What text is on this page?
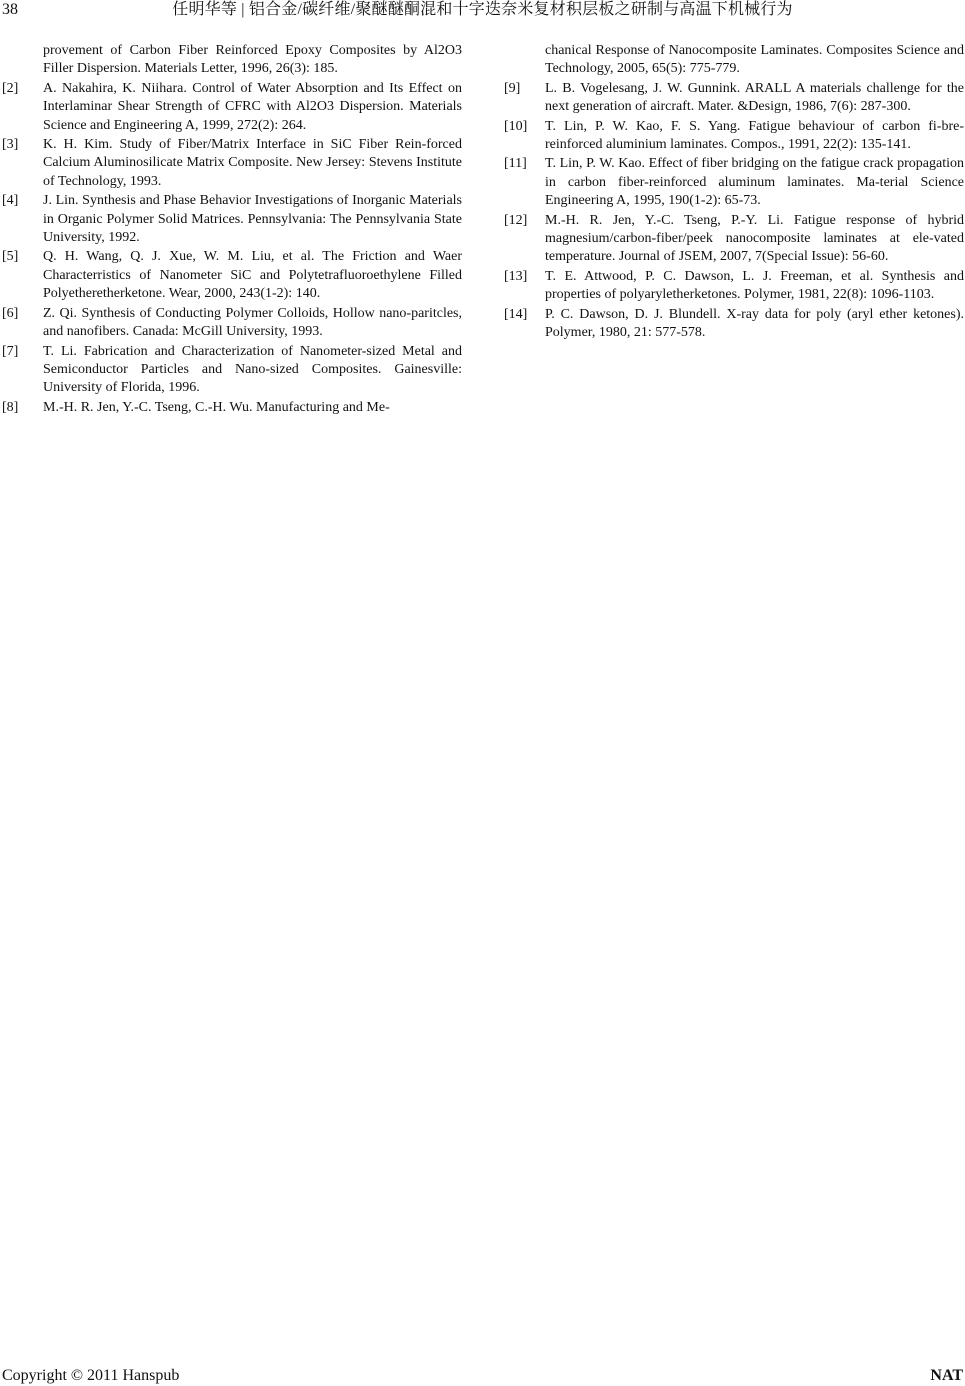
38	任明华等 | 铝合金/碳纤维/聚醚醚酮混和十字迭奈米复材积层板之研制与高温下机械行为
provement of Carbon Fiber Reinforced Epoxy Composites by Al2O3 Filler Dispersion. Materials Letter, 1996, 26(3): 185.
[2] A. Nakahira, K. Niihara. Control of Water Absorption and Its Effect on Interlaminar Shear Strength of CFRC with Al2O3 Dispersion. Materials Science and Engineering A, 1999, 272(2): 264.
[3] K. H. Kim. Study of Fiber/Matrix Interface in SiC Fiber Rein-forced Calcium Aluminosilicate Matrix Composite. New Jersey: Stevens Institute of Technology, 1993.
[4] J. Lin. Synthesis and Phase Behavior Investigations of Inorganic Materials in Organic Polymer Solid Matrices. Pennsylvania: The Pennsylvania State University, 1992.
[5] Q. H. Wang, Q. J. Xue, W. M. Liu, et al. The Friction and Waer Characterristics of Nanometer SiC and Polytetrafluoroethylene Filled Polyetheretherketone. Wear, 2000, 243(1-2): 140.
[6] Z. Qi. Synthesis of Conducting Polymer Colloids, Hollow nano-paritcles, and nanofibers. Canada: McGill University, 1993.
[7] T. Li. Fabrication and Characterization of Nanometer-sized Metal and Semiconductor Particles and Nano-sized Composites. Gainesville: University of Florida, 1996.
[8] M.-H. R. Jen, Y.-C. Tseng, C.-H. Wu. Manufacturing and Me-
chanical Response of Nanocomposite Laminates. Composites Science and Technology, 2005, 65(5): 775-779.
[9] L. B. Vogelesang, J. W. Gunnink. ARALL A materials challenge for the next generation of aircraft. Mater. &Design, 1986, 7(6): 287-300.
[10] T. Lin, P. W. Kao, F. S. Yang. Fatigue behaviour of carbon fi-bre-reinforced aluminium laminates. Compos., 1991, 22(2): 135-141.
[11] T. Lin, P. W. Kao. Effect of fiber bridging on the fatigue crack propagation in carbon fiber-reinforced aluminum laminates. Ma-terial Science Engineering A, 1995, 190(1-2): 65-73.
[12] M.-H. R. Jen, Y.-C. Tseng, P.-Y. Li. Fatigue response of hybrid magnesium/carbon-fiber/peek nanocomposite laminates at ele-vated temperature. Journal of JSEM, 2007, 7(Special Issue): 56-60.
[13] T. E. Attwood, P. C. Dawson, L. J. Freeman, et al. Synthesis and properties of polyaryletherketones. Polymer, 1981, 22(8): 1096-1103.
[14] P. C. Dawson, D. J. Blundell. X-ray data for poly (aryl ether ketones). Polymer, 1980, 21: 577-578.
Copyright © 2011 Hanspub	NAT
